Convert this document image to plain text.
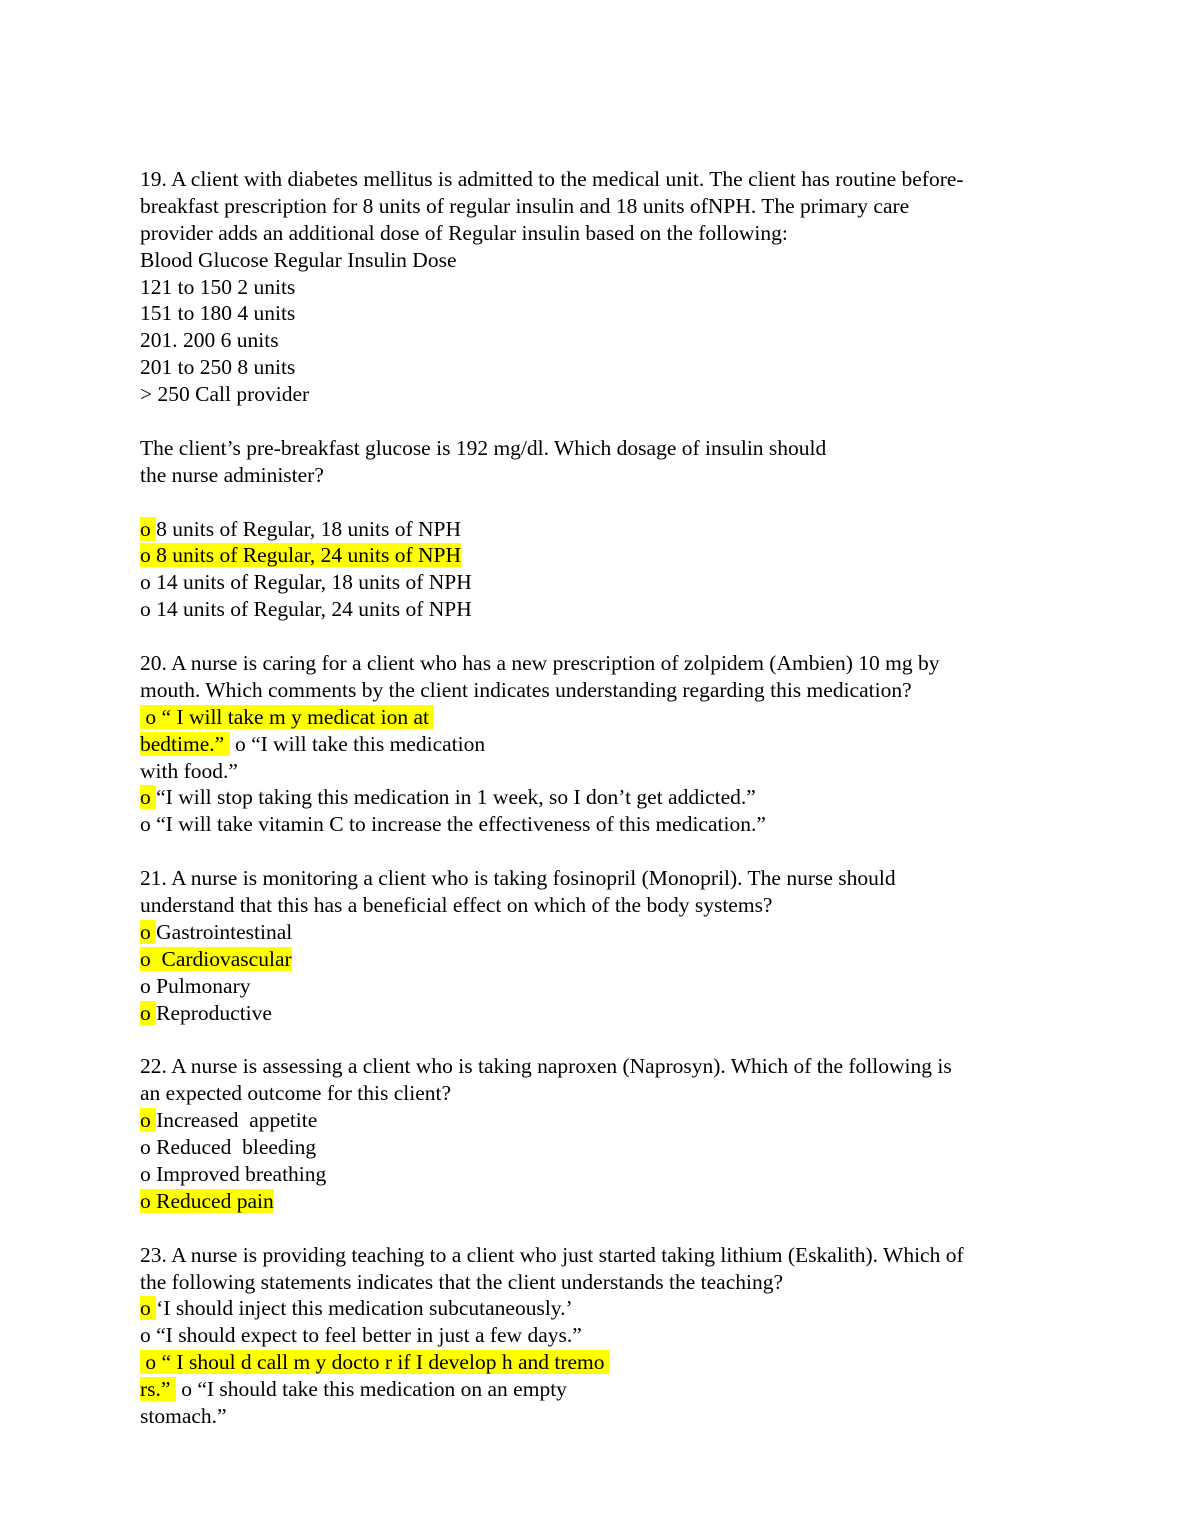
19. A client with diabetes mellitus is admitted to the medical unit. The client has routine before-
breakfast prescription for 8 units of regular insulin and 18 units ofNPH. The primary care
provider adds an additional dose of Regular insulin based on the following:
Blood Glucose Regular Insulin Dose
121 to 150 2 units
151 to 180 4 units
201. 200 6 units
201 to 250 8 units
> 250 Call provider
The client’s pre-breakfast glucose is 192 mg/dl. Which dosage of insulin should
the nurse administer?
o 8 units of Regular, 18 units of NPH
o 8 units of Regular, 24 units of NPH
o 14 units of Regular, 18 units of NPH
o 14 units of Regular, 24 units of NPH
20. A nurse is caring for a client who has a new prescription of zolpidem (Ambien) 10 mg by
mouth. Which comments by the client indicates understanding regarding this medication?
o “ I will take m y medicat ion at
bedtime.”  o “I will take this medication
with food.”
o “I will stop taking this medication in 1 week, so I don’t get addicted.”
o “I will take vitamin C to increase the effectiveness of this medication.”
21. A nurse is monitoring a client who is taking fosinopril (Monopril). The nurse should
understand that this has a beneficial effect on which of the body systems?
o Gastrointestinal
o  Cardiovascular
o Pulmonary
o Reproductive
22. A nurse is assessing a client who is taking naproxen (Naprosyn). Which of the following is
an expected outcome for this client?
o Increased  appetite
o Reduced  bleeding
o Improved breathing
o Reduced pain
23. A nurse is providing teaching to a client who just started taking lithium (Eskalith). Which of
the following statements indicates that the client understands the teaching?
o ‘I should inject this medication subcutaneously.’
o “I should expect to feel better in just a few days.”
o “ I shoul d call m y docto r if I develop h and tremo
rs.”  o “I should take this medication on an empty
stomach.”
